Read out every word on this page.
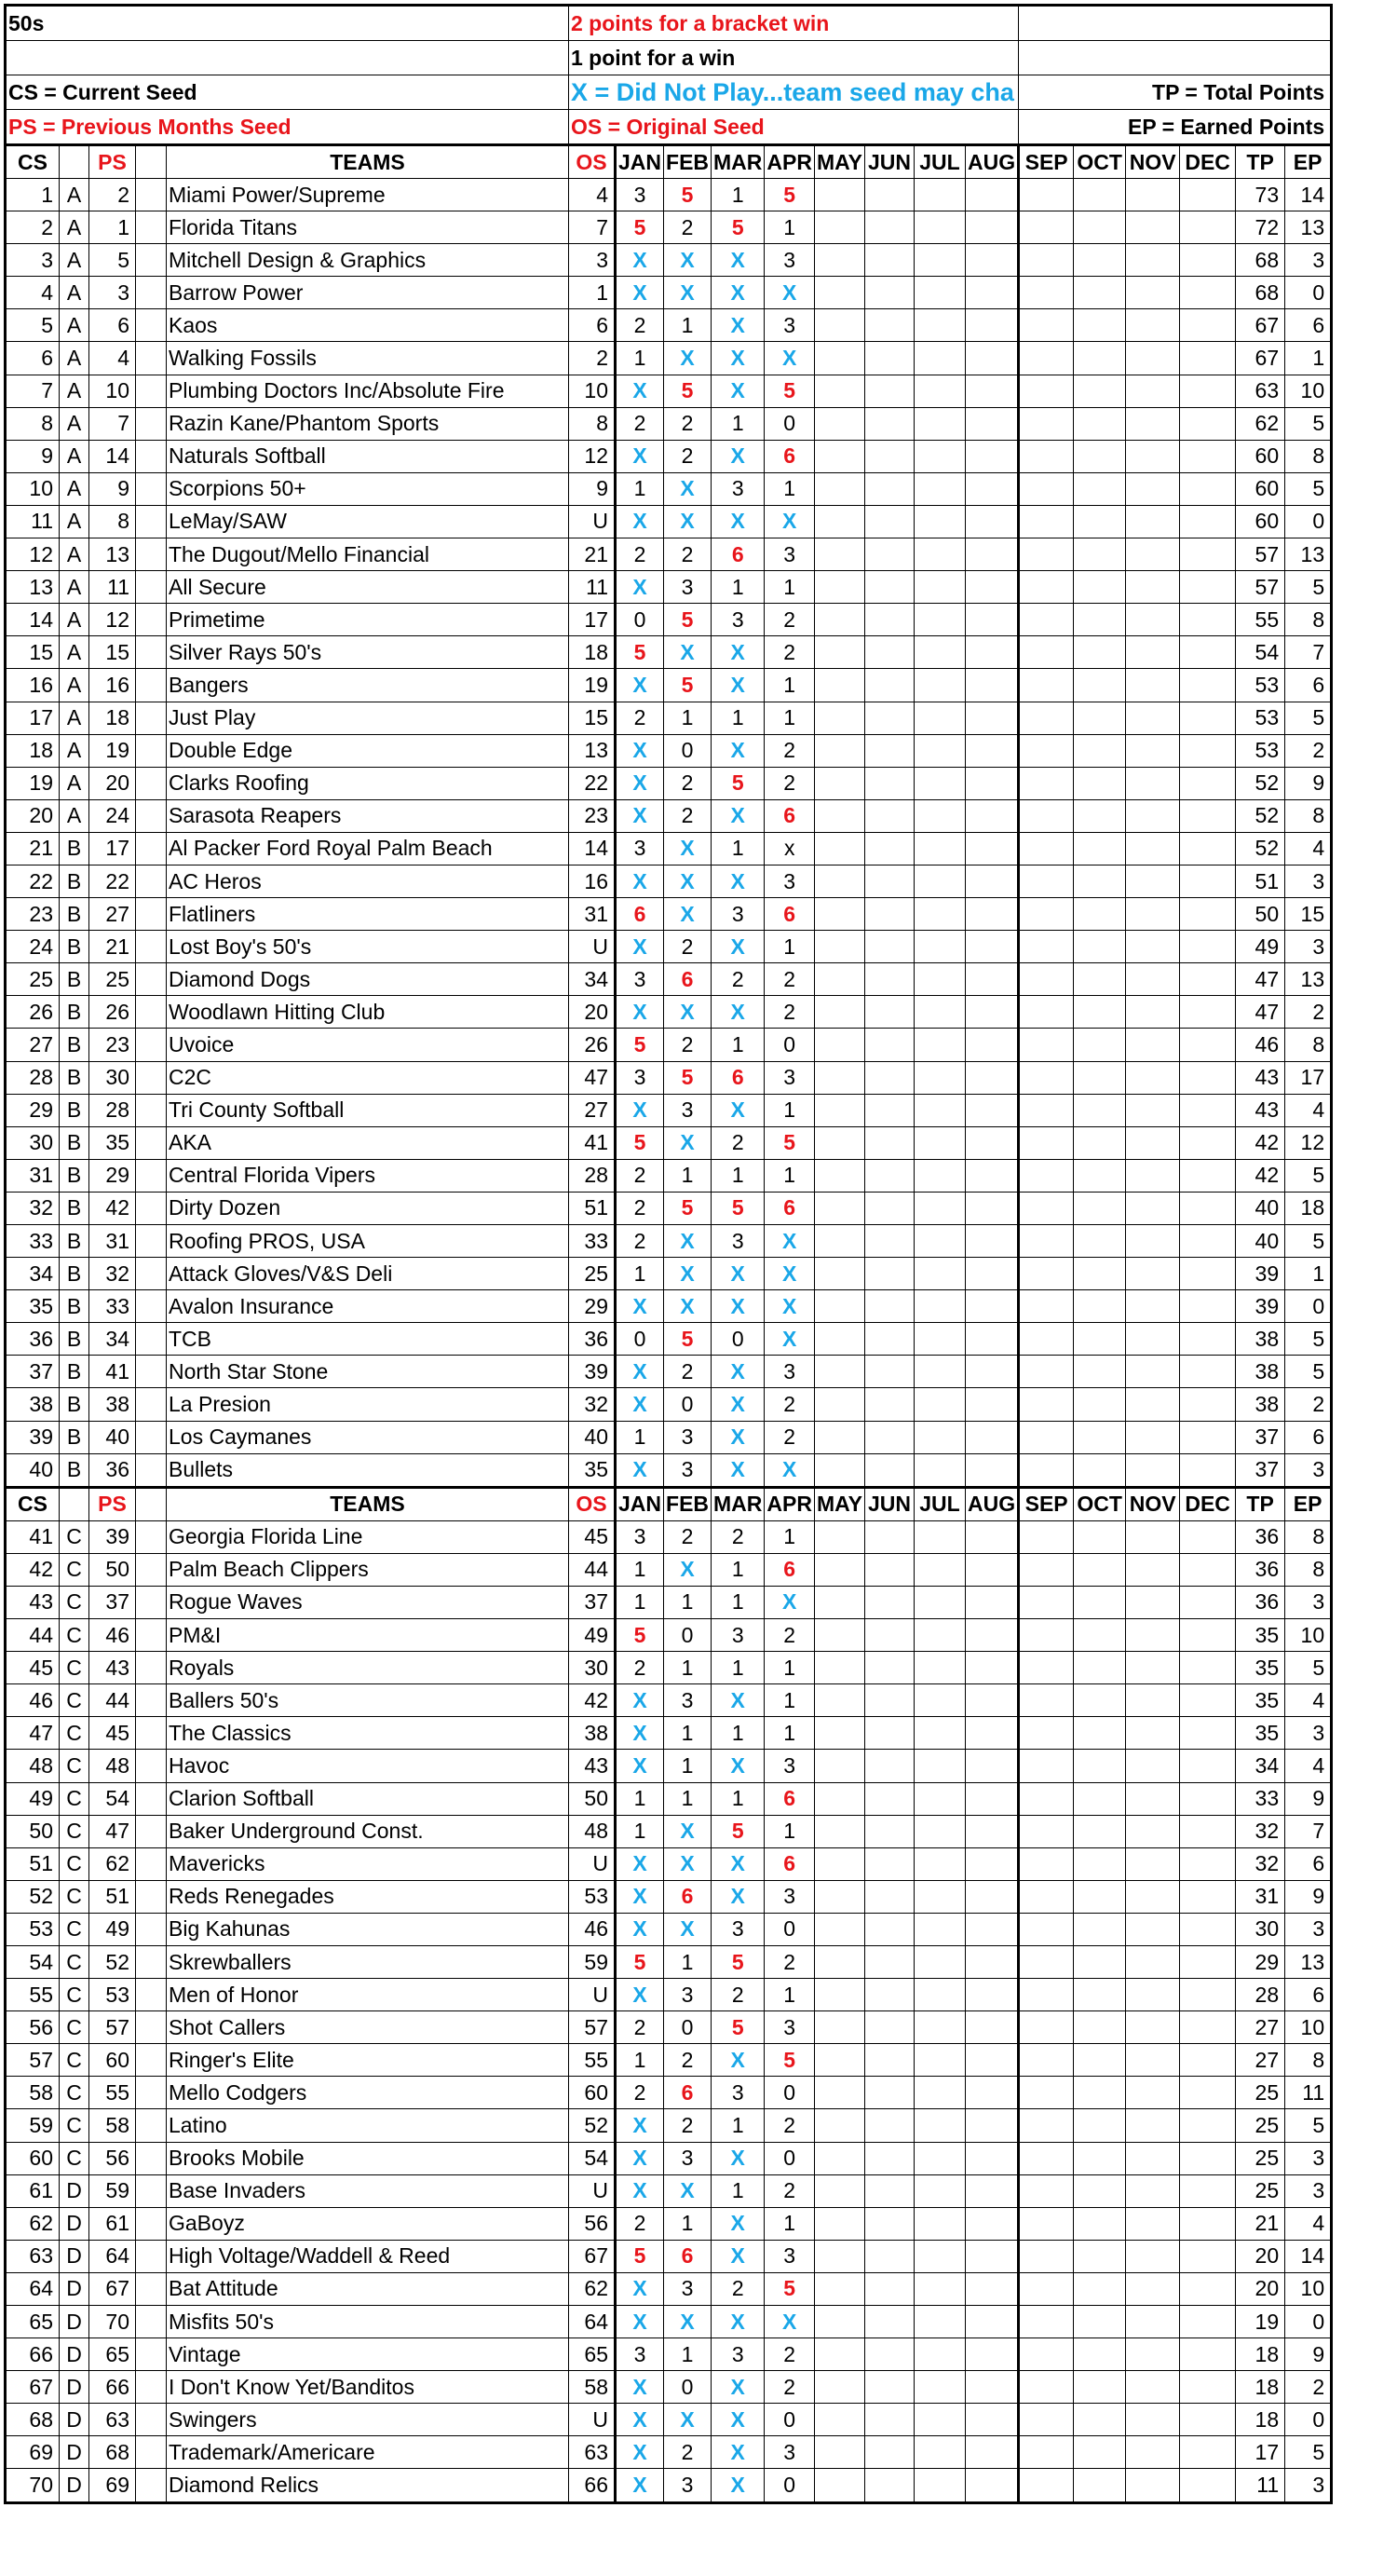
50s					2 points for a bracket win														
					1 point for a win														
CS = Current Seed					X = Did Not Play...team seed may cha									TP = Total Points					
PS = Previous Months Seed					OS = Original Seed									EP = Earned Points					
CS		PS		TEAMS	OS	JAN	FEB	MAR	APR	MAY	JUN	JUL	AUG	SEP	OCT	NOV	DEC	TP	EP
1	A	2		Miami Power/Supreme	4	3	5	1	5									73	14
2	A	1		Florida Titans	7	5	2	5	1									72	13
3	A	5		Mitchell Design & Graphics	3	X	X	X	3									68	3
4	A	3		Barrow Power	1	X	X	X	X									68	0
5	A	6		Kaos	6	2	1	X	3									67	6
6	A	4		Walking Fossils	2	1	X	X	X									67	1
7	A	10		Plumbing Doctors Inc/Absolute Fire	10	X	5	X	5									63	10
8	A	7		Razin Kane/Phantom Sports	8	2	2	1	0									62	5
9	A	14		Naturals Softball	12	X	2	X	6									60	8
10	A	9		Scorpions 50+	9	1	X	3	1									60	5
11	A	8		LeMay/SAW	U	X	X	X	X									60	0
12	A	13		The Dugout/Mello Financial	21	2	2	6	3									57	13
13	A	11		All Secure	11	X	3	1	1									57	5
14	A	12		Primetime	17	0	5	3	2									55	8
15	A	15		Silver Rays 50's	18	5	X	X	2									54	7
16	A	16		Bangers	19	X	5	X	1									53	6
17	A	18		Just Play	15	2	1	1	1									53	5
18	A	19		Double Edge	13	X	0	X	2									53	2
19	A	20		Clarks Roofing	22	X	2	5	2									52	9
20	A	24		Sarasota Reapers	23	X	2	X	6									52	8
21	B	17		Al Packer Ford Royal Palm Beach	14	3	X	1	x									52	4
22	B	22		AC Heros	16	X	X	X	3									51	3
23	B	27		Flatliners	31	6	X	3	6									50	15
24	B	21		Lost Boy's 50's	U	X	2	X	1									49	3
25	B	25		Diamond Dogs	34	3	6	2	2									47	13
26	B	26		Woodlawn Hitting Club	20	X	X	X	2									47	2
27	B	23		Uvoice	26	5	2	1	0									46	8
28	B	30		C2C	47	3	5	6	3									43	17
29	B	28		Tri County Softball	27	X	3	X	1									43	4
30	B	35		AKA	41	5	X	2	5									42	12
31	B	29		Central Florida Vipers	28	2	1	1	1									42	5
32	B	42		Dirty Dozen	51	2	5	5	6									40	18
33	B	31		Roofing PROS, USA	33	2	X	3	X									40	5
34	B	32		Attack Gloves/V&S Deli	25	1	X	X	X									39	1
35	B	33		Avalon Insurance	29	X	X	X	X									39	0
36	B	34		TCB	36	0	5	0	X									38	5
37	B	41		North Star Stone	39	X	2	X	3									38	5
38	B	38		La Presion	32	X	0	X	2									38	2
39	B	40		Los Caymanes	40	1	3	X	2									37	6
40	B	36		Bullets	35	X	3	X	X									37	3
CS		PS		TEAMS	OS	JAN	FEB	MAR	APR	MAY	JUN	JUL	AUG	SEP	OCT	NOV	DEC	TP	EP
41	C	39		Georgia Florida Line	45	3	2	2	1									36	8
42	C	50		Palm Beach Clippers	44	1	X	1	6									36	8
43	C	37		Rogue Waves	37	1	1	1	X									36	3
44	C	46		PM&I	49	5	0	3	2									35	10
45	C	43		Royals	30	2	1	1	1									35	5
46	C	44		Ballers 50's	42	X	3	X	1									35	4
47	C	45		The Classics	38	X	1	1	1									35	3
48	C	48		Havoc	43	X	1	X	3									34	4
49	C	54		Clarion Softball	50	1	1	1	6									33	9
50	C	47		Baker Underground Const.	48	1	X	5	1									32	7
51	C	62		Mavericks	U	X	X	X	6									32	6
52	C	51		Reds Renegades	53	X	6	X	3									31	9
53	C	49		Big Kahunas	46	X	X	3	0									30	3
54	C	52		Skrewballers	59	5	1	5	2									29	13
55	C	53		Men of Honor	U	X	3	2	1									28	6
56	C	57		Shot Callers	57	2	0	5	3									27	10
57	C	60		Ringer's Elite	55	1	2	X	5									27	8
58	C	55		Mello Codgers	60	2	6	3	0									25	11
59	C	58		Latino	52	X	2	1	2									25	5
60	C	56		Brooks Mobile	54	X	3	X	0									25	3
61	D	59		Base Invaders	U	X	X	1	2									25	3
62	D	61		GaBoyz	56	2	1	X	1									21	4
63	D	64		High Voltage/Waddell & Reed	67	5	6	X	3									20	14
64	D	67		Bat Attitude	62	X	3	2	5									20	10
65	D	70		Misfits 50's	64	X	X	X	X									19	0
66	D	65		Vintage	65	3	1	3	2									18	9
67	D	66		I Don't Know Yet/Banditos	58	X	0	X	2									18	2
68	D	63		Swingers	U	X	X	X	0									18	0
69	D	68		Trademark/Americare	63	X	2	X	3									17	5
70	D	69		Diamond Relics	66	X	3	X	0									11	3
